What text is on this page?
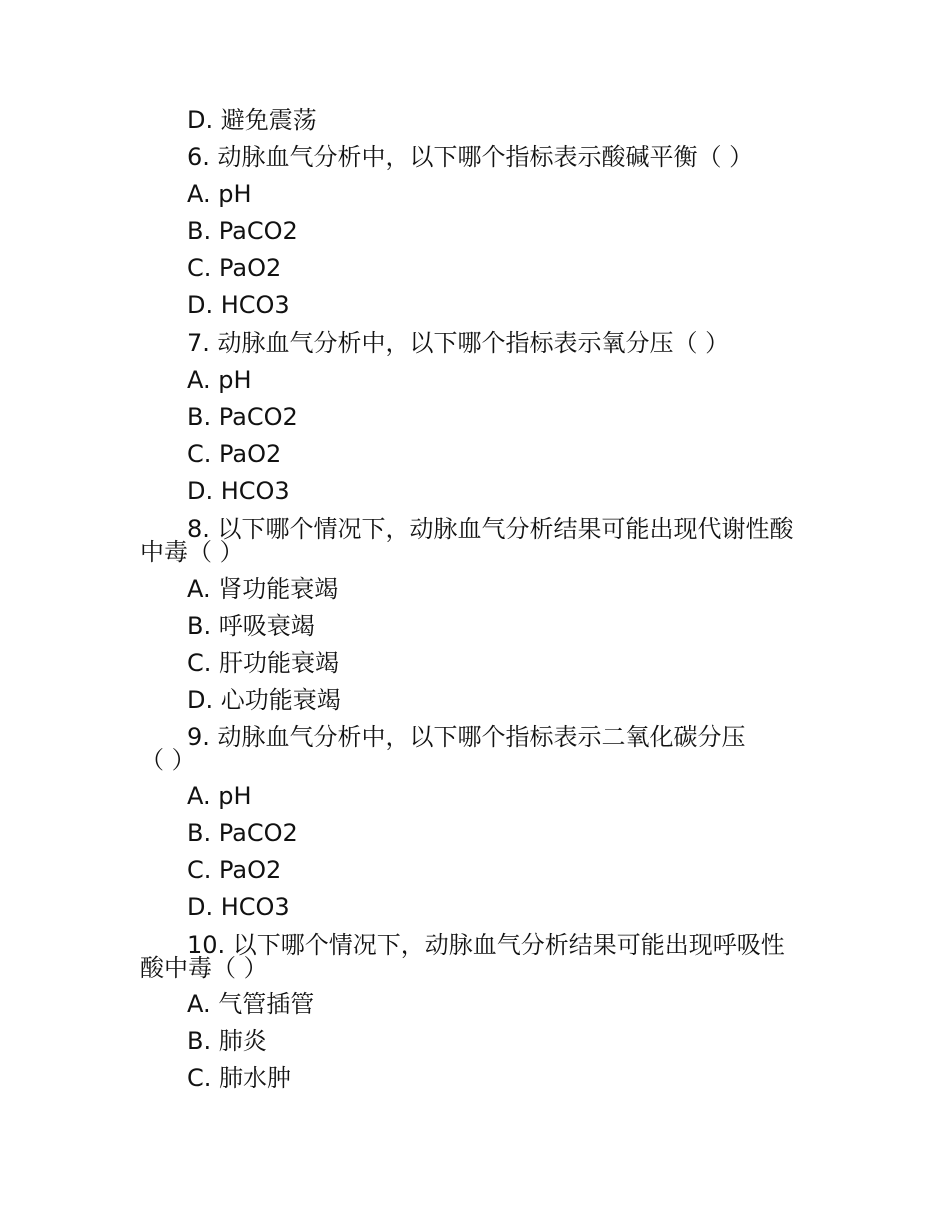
D. 避免震荡
6. 动脉血气分析中，以下哪个指标表示酸碱平衡（ ）
A. pH
B. PaCO2
C. PaO2
D. HCO3
7. 动脉血气分析中，以下哪个指标表示氧分压（ ）
A. pH
B. PaCO2
C. PaO2
D. HCO3
8. 以下哪个情况下，动脉血气分析结果可能出现代谢性酸
中毒（ ）
A. 肾功能衰竭
B. 呼吸衰竭
C. 肝功能衰竭
D. 心功能衰竭
9. 动脉血气分析中，以下哪个指标表示二氧化碳分压
（ ）
A. pH
B. PaCO2
C. PaO2
D. HCO3
10. 以下哪个情况下，动脉血气分析结果可能出现呼吸性
酸中毒（ ）
A. 气管插管
B. 肺炎
C. 肺水肿
